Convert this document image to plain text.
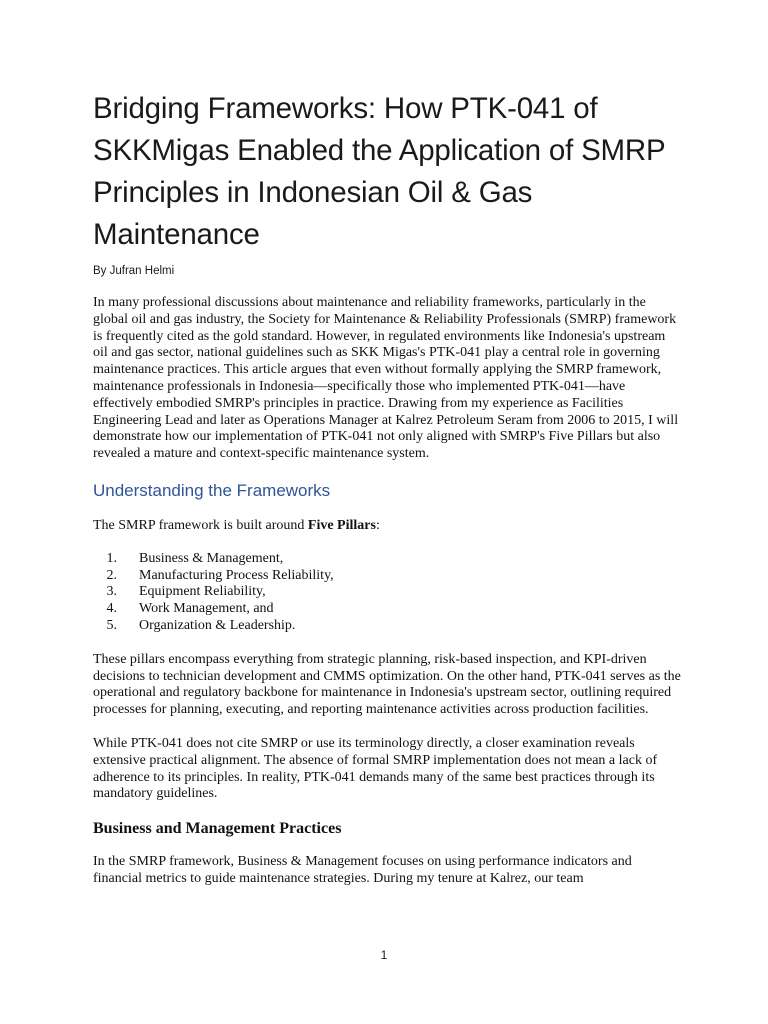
Bridging Frameworks: How PTK-041 of SKKMigas Enabled the Application of SMRP Principles in Indonesian Oil & Gas Maintenance

By Jufran Helmi

In many professional discussions about maintenance and reliability frameworks, particularly in the global oil and gas industry, the Society for Maintenance & Reliability Professionals (SMRP) framework is frequently cited as the gold standard. However, in regulated environments like Indonesia's upstream oil and gas sector, national guidelines such as SKK Migas's PTK-041 play a central role in governing maintenance practices. This article argues that even without formally applying the SMRP framework, maintenance professionals in Indonesia—specifically those who implemented PTK-041—have effectively embodied SMRP's principles in practice. Drawing from my experience as Facilities Engineering Lead and later as Operations Manager at Kalrez Petroleum Seram from 2006 to 2015, I will demonstrate how our implementation of PTK-041 not only aligned with SMRP's Five Pillars but also revealed a mature and context-specific maintenance system.

Understanding the Frameworks

The SMRP framework is built around Five Pillars:

1.	Business & Management,
2.	Manufacturing Process Reliability,
3.	Equipment Reliability,
4.	Work Management, and
5.	Organization & Leadership.

These pillars encompass everything from strategic planning, risk-based inspection, and KPI-driven decisions to technician development and CMMS optimization. On the other hand, PTK-041 serves as the operational and regulatory backbone for maintenance in Indonesia's upstream sector, outlining required processes for planning, executing, and reporting maintenance activities across production facilities.

While PTK-041 does not cite SMRP or use its terminology directly, a closer examination reveals extensive practical alignment. The absence of formal SMRP implementation does not mean a lack of adherence to its principles. In reality, PTK-041 demands many of the same best practices through its mandatory guidelines.

Business and Management Practices

In the SMRP framework, Business & Management focuses on using performance indicators and financial metrics to guide maintenance strategies. During my tenure at Kalrez, our team

1
